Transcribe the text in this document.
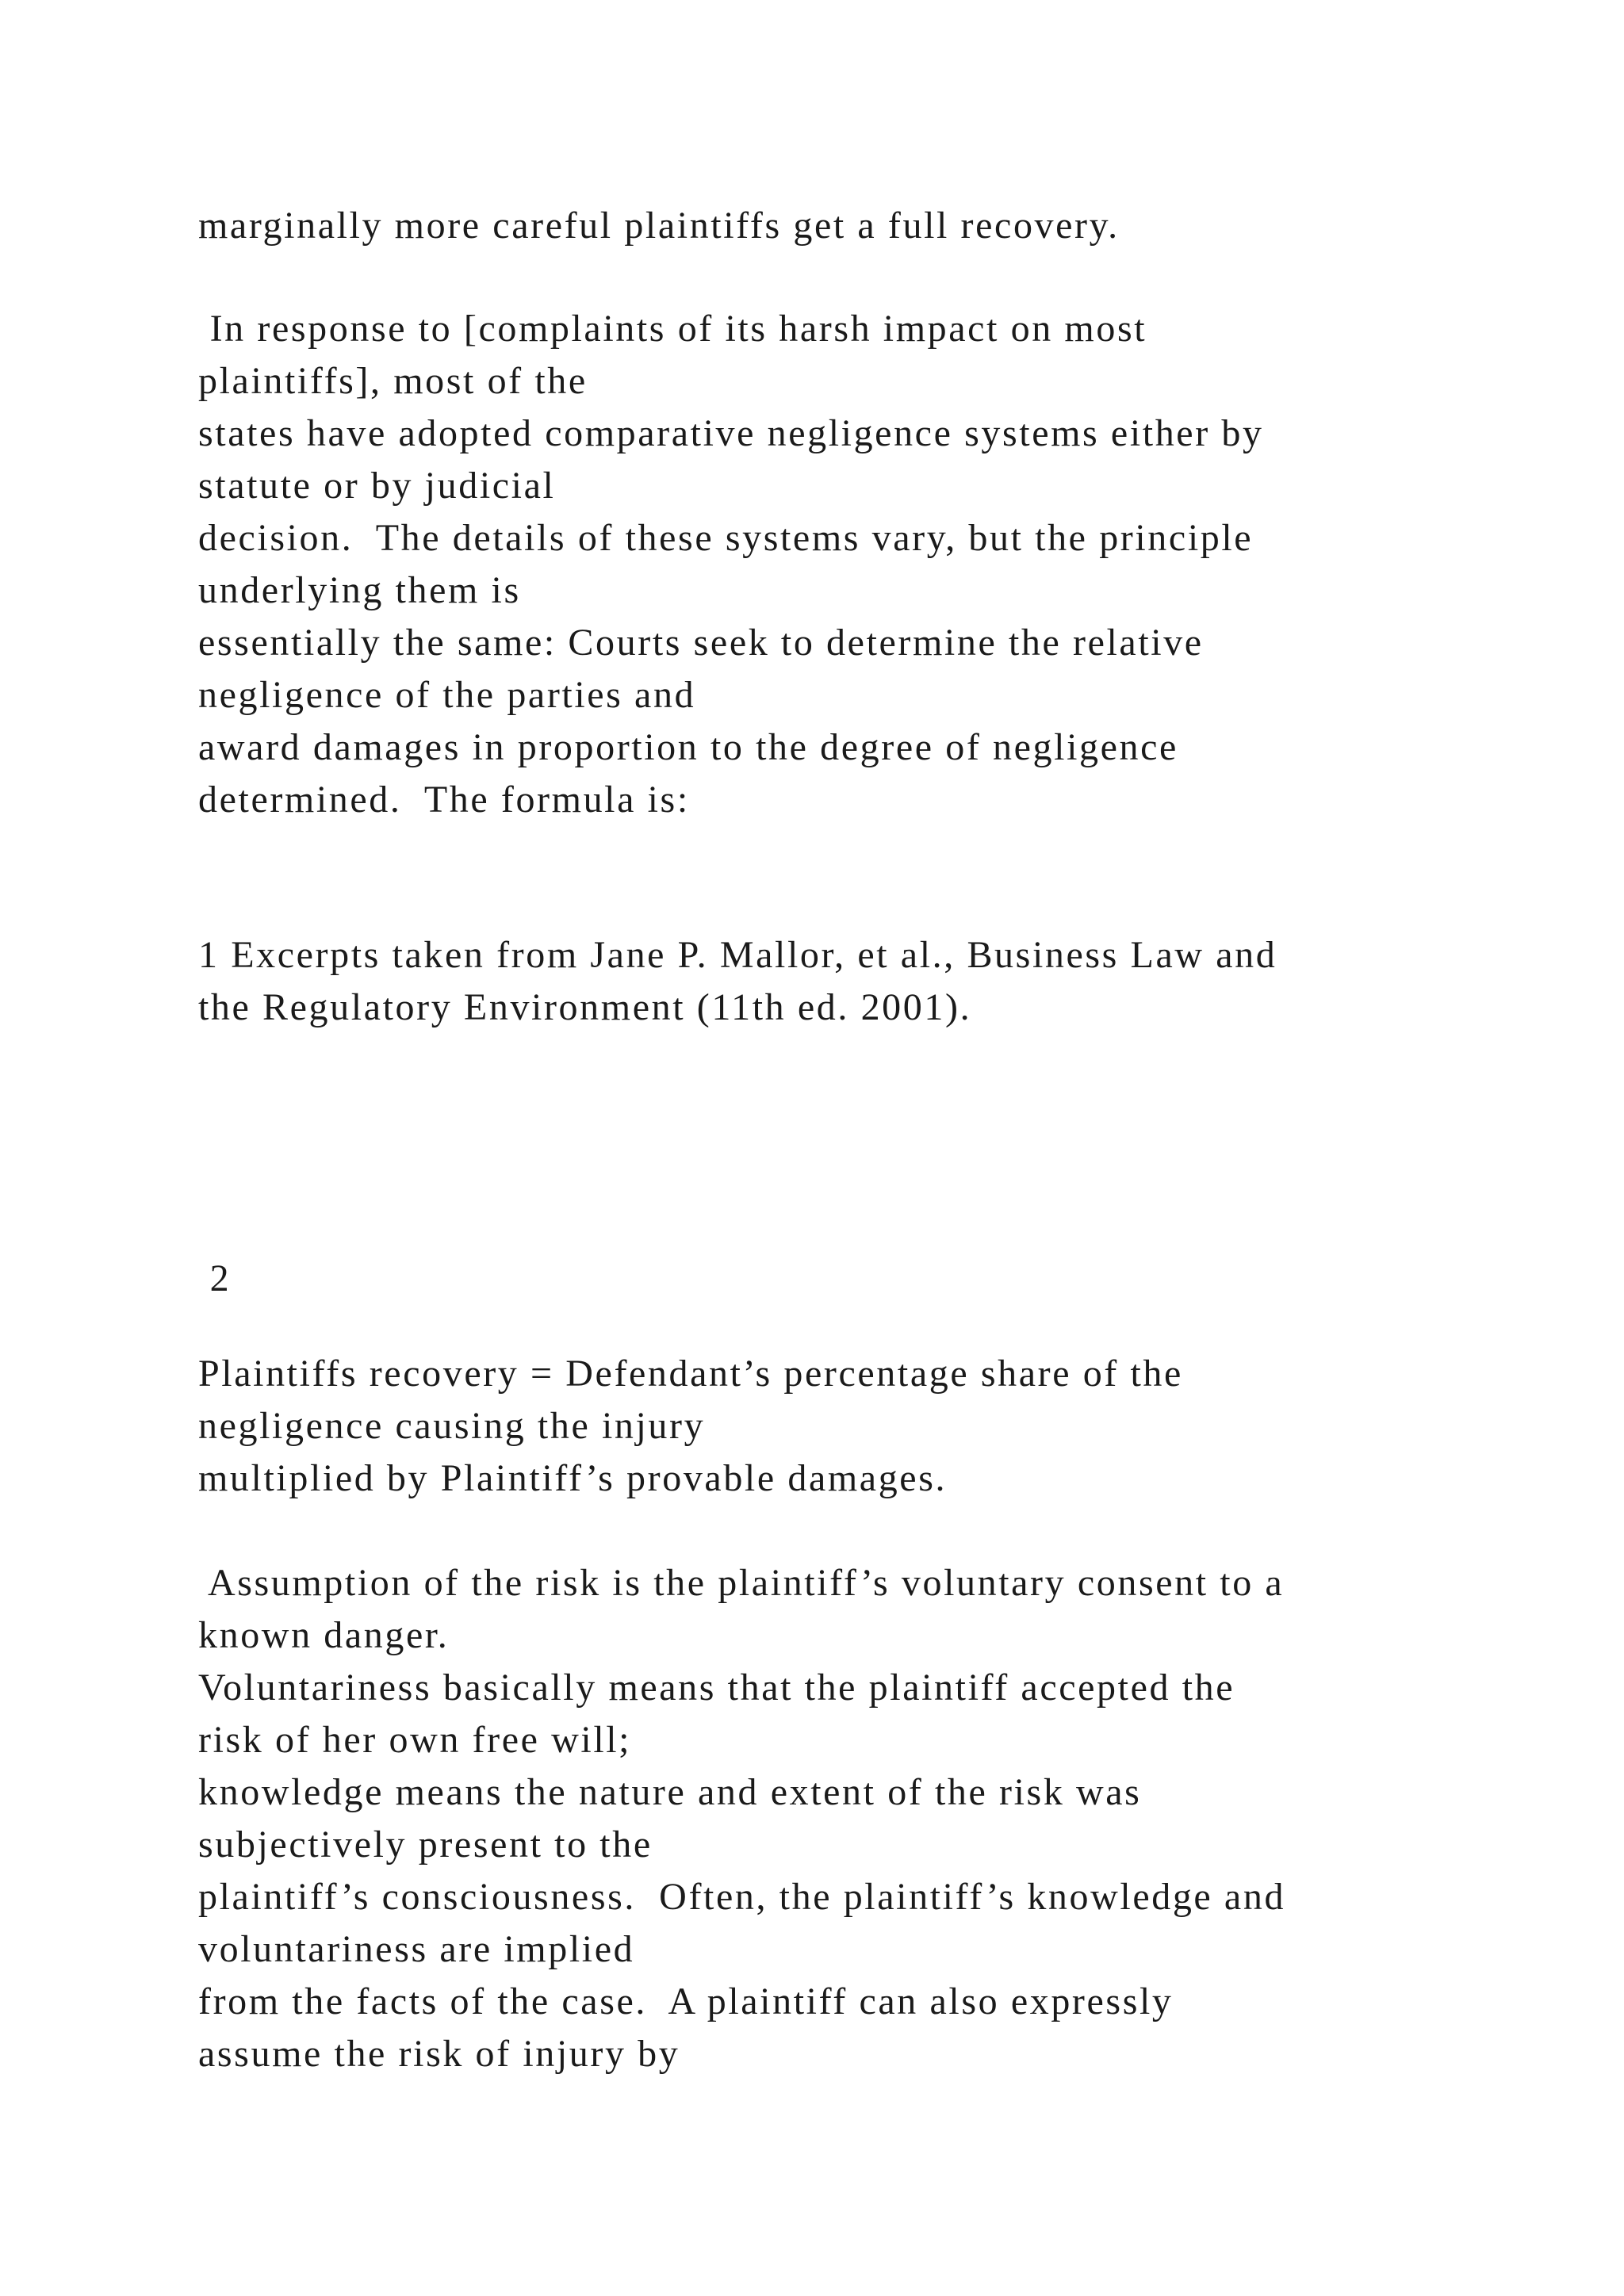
marginally more careful plaintiffs get a full recovery.
In response to [complaints of its harsh impact on most
plaintiffs], most of the
states have adopted comparative negligence systems either by
statute or by judicial
decision.  The details of these systems vary, but the principle
underlying them is
essentially the same: Courts seek to determine the relative
negligence of the parties and
award damages in proportion to the degree of negligence
determined.  The formula is:
1 Excerpts taken from Jane P. Mallor, et al., Business Law and
the Regulatory Environment (11th ed. 2001).
2
Plaintiffs recovery = Defendant’s percentage share of the
negligence causing the injury
multiplied by Plaintiff’s provable damages.
Assumption of the risk is the plaintiff’s voluntary consent to a
known danger.
Voluntariness basically means that the plaintiff accepted the
risk of her own free will;
knowledge means the nature and extent of the risk was
subjectively present to the
plaintiff’s consciousness.  Often, the plaintiff’s knowledge and
voluntariness are implied
from the facts of the case.  A plaintiff can also expressly
assume the risk of injury by
